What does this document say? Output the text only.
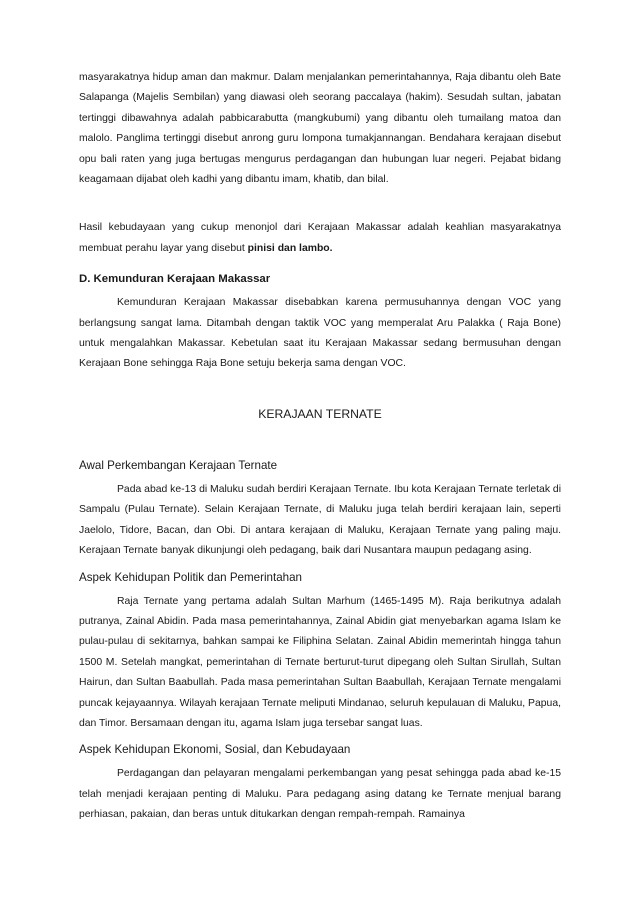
masyarakatnya hidup aman dan makmur. Dalam menjalankan pemerintahannya, Raja dibantu oleh Bate Salapanga (Majelis Sembilan) yang diawasi oleh seorang paccalaya (hakim). Sesudah sultan, jabatan tertinggi dibawahnya adalah pabbicarabutta (mangkubumi) yang dibantu oleh tumailang matoa dan malolo. Panglima tertinggi disebut anrong guru lompona tumakjannangan. Bendahara kerajaan disebut opu bali raten yang juga bertugas mengurus perdagangan dan hubungan luar negeri. Pejabat bidang keagamaan dijabat oleh kadhi yang dibantu imam, khatib, dan bilal.

Hasil kebudayaan yang cukup menonjol dari Kerajaan Makassar adalah keahlian masyarakatnya membuat perahu layar yang disebut pinisi dan lambo.

D. Kemunduran Kerajaan Makassar

Kemunduran Kerajaan Makassar disebabkan karena permusuhannya dengan VOC yang berlangsung sangat lama. Ditambah dengan taktik VOC yang memperalat Aru Palakka ( Raja Bone) untuk mengalahkan Makassar. Kebetulan saat itu Kerajaan Makassar sedang bermusuhan dengan Kerajaan Bone sehingga Raja Bone setuju bekerja sama dengan VOC.

KERAJAAN TERNATE
Awal Perkembangan Kerajaan Ternate

Pada abad ke-13 di Maluku sudah berdiri Kerajaan Ternate. Ibu kota Kerajaan Ternate terletak di Sampalu (Pulau Ternate). Selain Kerajaan Ternate, di Maluku juga telah berdiri kerajaan lain, seperti Jaelolo, Tidore, Bacan, dan Obi. Di antara kerajaan di Maluku, Kerajaan Ternate yang paling maju. Kerajaan Ternate banyak dikunjungi oleh pedagang, baik dari Nusantara maupun pedagang asing.

Aspek Kehidupan Politik dan Pemerintahan

Raja Ternate yang pertama adalah Sultan Marhum (1465-1495 M). Raja berikutnya adalah putranya, Zainal Abidin. Pada masa pemerintahannya, Zainal Abidin giat menyebarkan agama Islam ke pulau-pulau di sekitarnya, bahkan sampai ke Filiphina Selatan. Zainal Abidin memerintah hingga tahun 1500 M. Setelah mangkat, pemerintahan di Ternate berturut-turut dipegang oleh Sultan Sirullah, Sultan Hairun, dan Sultan Baabullah. Pada masa pemerintahan Sultan Baabullah, Kerajaan Ternate mengalami puncak kejayaannya. Wilayah kerajaan Ternate meliputi Mindanao, seluruh kepulauan di Maluku, Papua, dan Timor. Bersamaan dengan itu, agama Islam juga tersebar sangat luas.

Aspek Kehidupan Ekonomi, Sosial, dan Kebudayaan

Perdagangan dan pelayaran mengalami perkembangan yang pesat sehingga pada abad ke-15 telah menjadi kerajaan penting di Maluku. Para pedagang asing datang ke Ternate menjual barang perhiasan, pakaian, dan beras untuk ditukarkan dengan rempah-rempah. Ramainya
